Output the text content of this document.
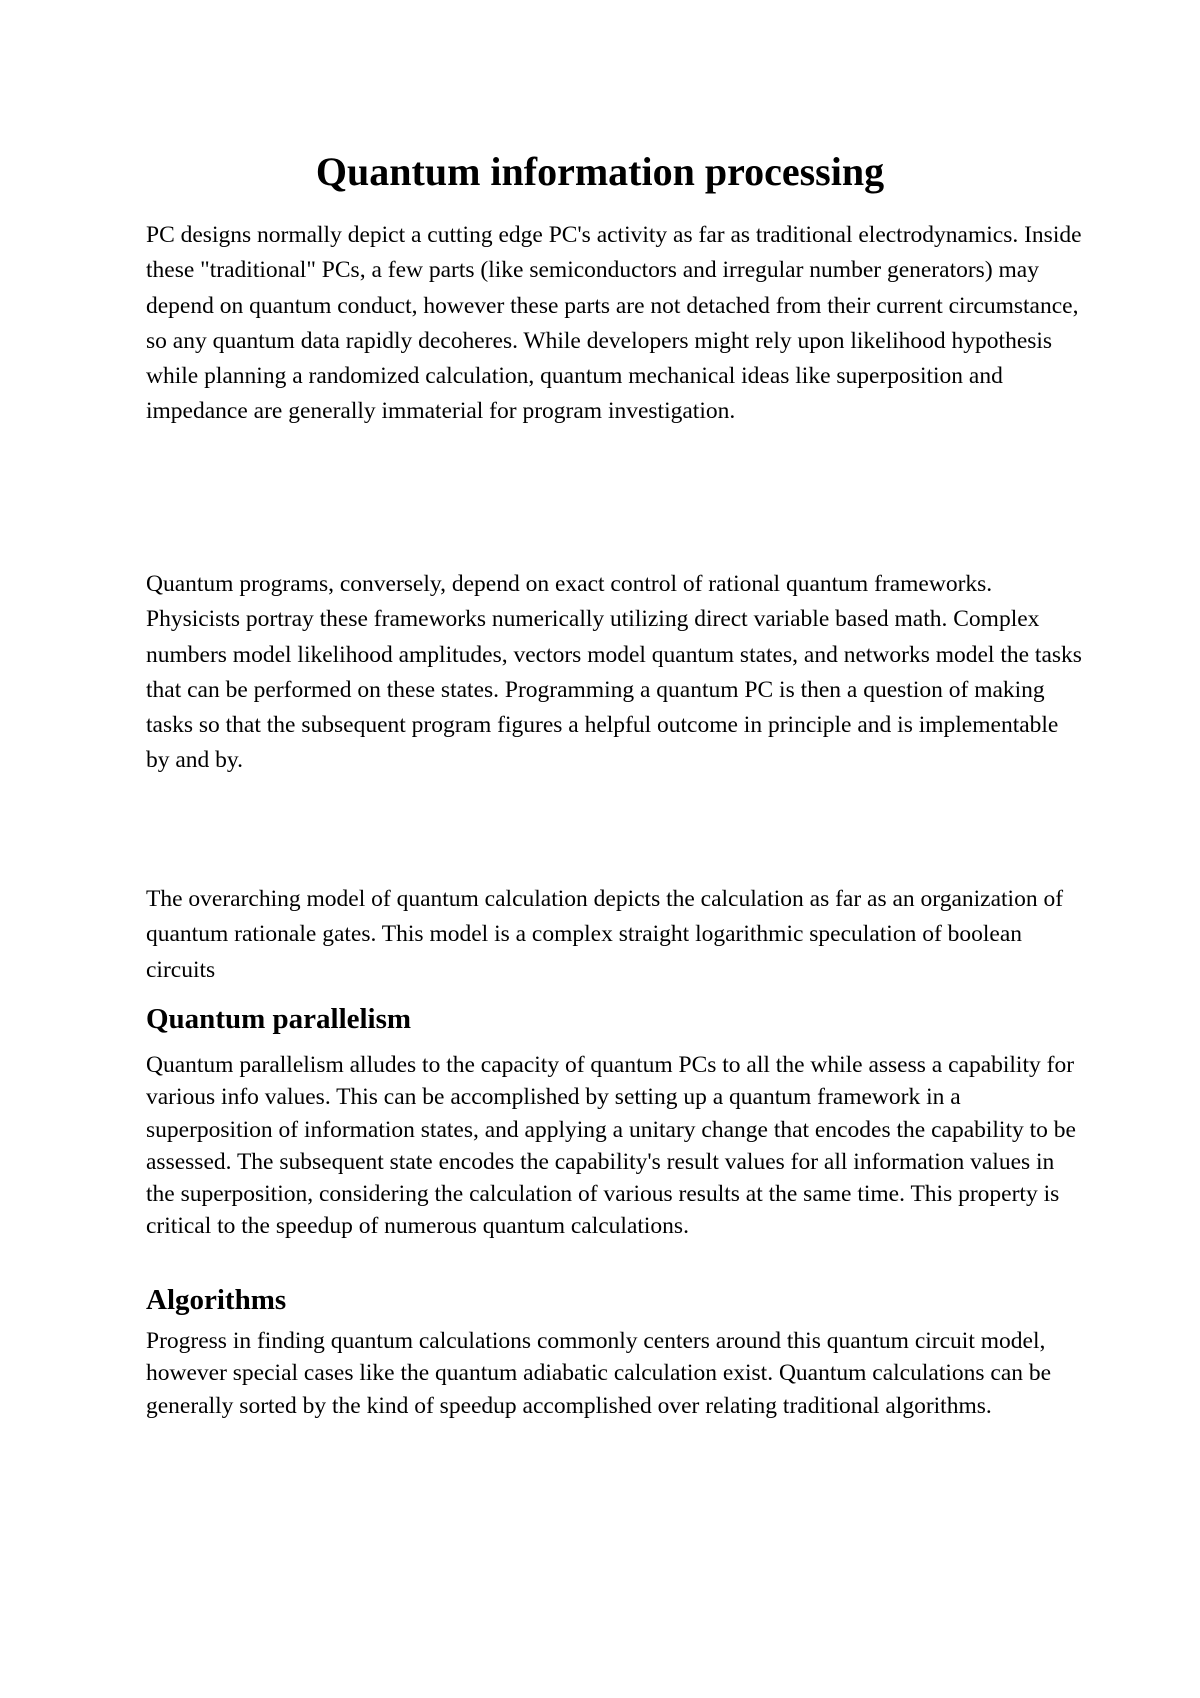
Quantum information processing

PC designs normally depict a cutting edge PC's activity as far as traditional electrodynamics. Inside these "traditional" PCs, a few parts (like semiconductors and irregular number generators) may depend on quantum conduct, however these parts are not detached from their current circumstance, so any quantum data rapidly decoheres. While developers might rely upon likelihood hypothesis while planning a randomized calculation, quantum mechanical ideas like superposition and impedance are generally immaterial for program investigation.

Quantum programs, conversely, depend on exact control of rational quantum frameworks. Physicists portray these frameworks numerically utilizing direct variable based math. Complex numbers model likelihood amplitudes, vectors model quantum states, and networks model the tasks that can be performed on these states. Programming a quantum PC is then a question of making tasks so that the subsequent program figures a helpful outcome in principle and is implementable by and by.

The overarching model of quantum calculation depicts the calculation as far as an organization of quantum rationale gates. This model is a complex straight logarithmic speculation of boolean circuits

Quantum parallelism

Quantum parallelism alludes to the capacity of quantum PCs to all the while assess a capability for various info values. This can be accomplished by setting up a quantum framework in a superposition of information states, and applying a unitary change that encodes the capability to be assessed. The subsequent state encodes the capability's result values for all information values in the superposition, considering the calculation of various results at the same time. This property is critical to the speedup of numerous quantum calculations.

Algorithms

Progress in finding quantum calculations commonly centers around this quantum circuit model, however special cases like the quantum adiabatic calculation exist. Quantum calculations can be generally sorted by the kind of speedup accomplished over relating traditional algorithms.
